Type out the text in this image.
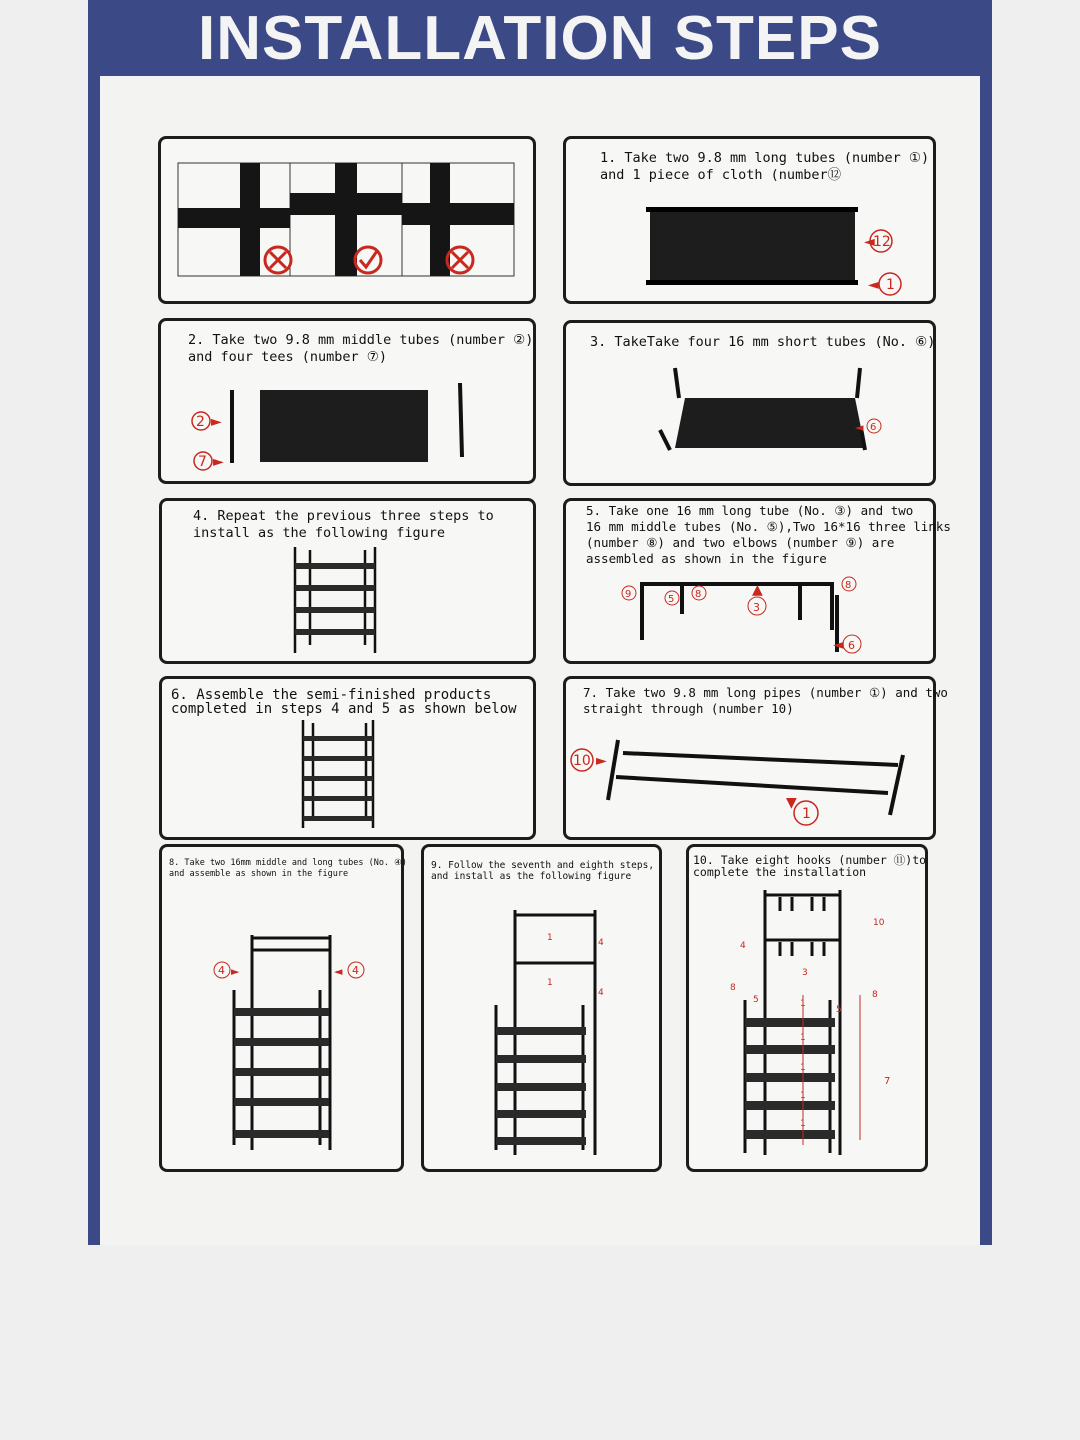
INSTALLATION STEPS
1. Take two 9.8 mm long tubes (number ①)
and 1 piece of cloth (number⑫
◄
12
◄ 1
2. Take two 9.8 mm middle tubes (number ②)
and four tees (number ⑦)
2 ►
7 ►
3. TakeTake four 16 mm short tubes (No. ⑥)
◄ 6
4. Repeat the previous three steps to
install as the following figure
5. Take one 16 mm long tube (No. ③) and two
16 mm middle tubes (No. ⑤),Two 16*16 three links
(number ⑧) and two elbows (number ⑨) are
assembled as shown in the figure
9	5 8	▲
3
8
◄ 6
6. Assemble the semi-finished products
completed in steps 4 and 5 as shown below
7. Take two 9.8 mm long pipes (number ①) and two
straight through (number 10)
10 ►
▼
1
8. Take two 16mm middle and long tubes (No. ④)
and assemble as shown in the figure
4 ►	◄ 4
9. Follow the seventh and eighth steps,
and install as the following figure
1
1
4
4
10. Take eight hooks (number ⑪)to
complete the installation
4
10
3
8
8
5
5
1
1
1
1
1
7
